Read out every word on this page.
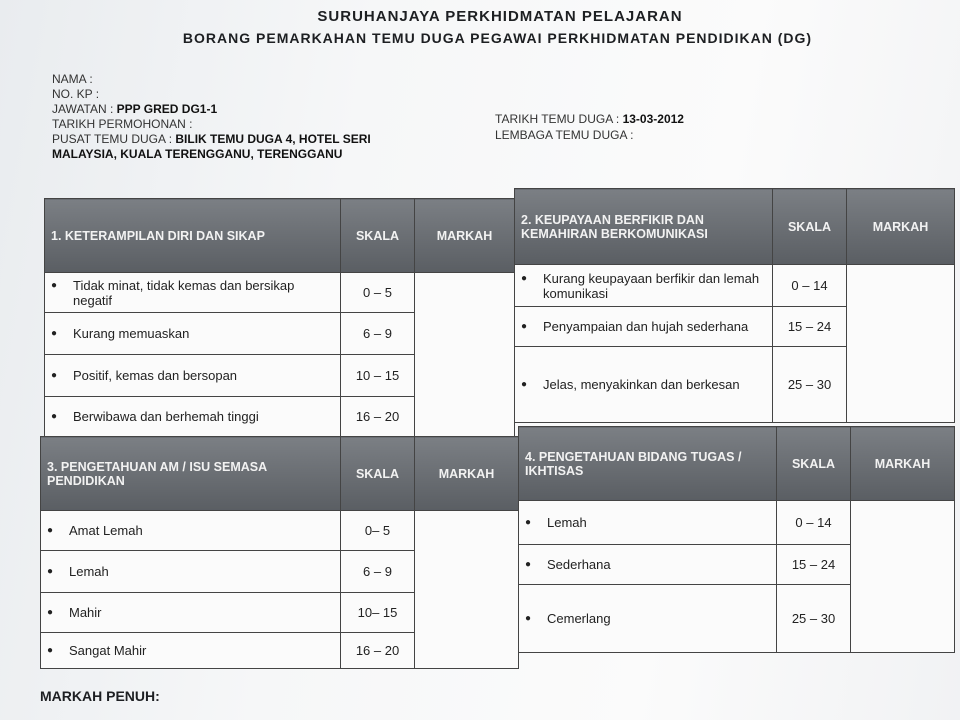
SURUHANJAYA PERKHIDMATAN PELAJARAN
BORANG PEMARKAHAN TEMU DUGA PEGAWAI PERKHIDMATAN PENDIDIKAN (DG)
NAMA :
NO. KP :
JAWATAN : PPP GRED DG1-1
TARIKH PERMOHONAN :
PUSAT TEMU DUGA : BILIK TEMU DUGA 4, HOTEL SERI
MALAYSIA, KUALA TERENGGANU, TERENGGANU
TARIKH TEMU DUGA : 13-03-2012
LEMBAGA TEMU DUGA :
1. KETERAMPILAN DIRI DAN SIKAP	SKALA	MARKAH
● Tidak minat, tidak kemas dan bersikap negatif	0 – 5	
● Kurang memuaskan	6 – 9	
● Positif, kemas dan bersopan	10 – 15	
● Berwibawa dan berhemah tinggi	16 – 20	
2. KEUPAYAAN BERFIKIR DAN KEMAHIRAN BERKOMUNIKASI	SKALA	MARKAH
● Kurang keupayaan berfikir dan lemah komunikasi	0 – 14	
● Penyampaian dan hujah sederhana	15 – 24	
● Jelas, menyakinkan dan berkesan	25 – 30	
3. PENGETAHUAN AM / ISU SEMASA PENDIDIKAN	SKALA	MARKAH
● Amat Lemah	0– 5	
● Lemah	6 – 9	
● Mahir	10– 15	
● Sangat Mahir	16 – 20	
4. PENGETAHUAN BIDANG TUGAS / IKHTISAS	SKALA	MARKAH
● Lemah	0 – 14	
● Sederhana	15 – 24	
● Cemerlang	25 – 30	
MARKAH PENUH:
